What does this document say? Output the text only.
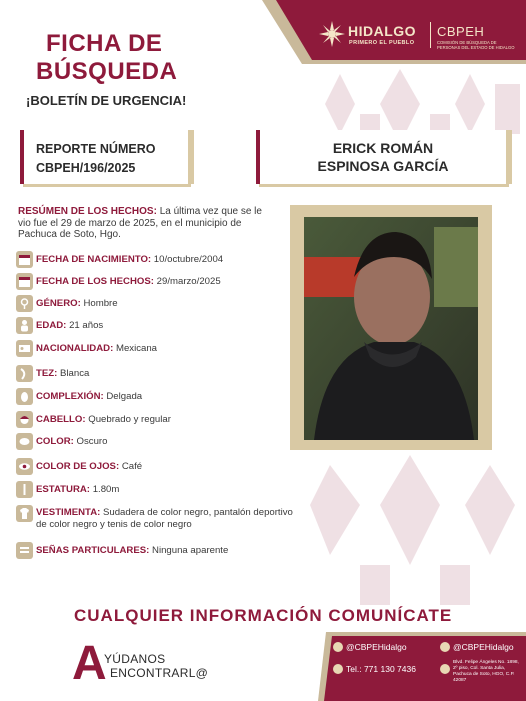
HIDALGO
PRIMERO EL PUEBLO
CBPEH
COMISIÓN DE BÚSQUEDA DE PERSONAS DEL ESTADO DE HIDALGO
FICHA DE
BÚSQUEDA
¡BOLETÍN DE URGENCIA!
REPORTE NÚMERO
CBPEH/196/2025
ERICK ROMÁN
ESPINOSA GARCÍA
RESÚMEN DE LOS HECHOS: La última vez que se le vio fue el 29 de marzo de 2025, en el municipio de Pachuca de Soto, Hgo.
FECHA DE NACIMIENTO: 10/octubre/2004
FECHA DE LOS HECHOS: 29/marzo/2025
GÉNERO: Hombre
EDAD: 21 años
NACIONALIDAD: Mexicana
TEZ: Blanca
COMPLEXIÓN: Delgada
CABELLO: Quebrado y regular
COLOR: Oscuro
COLOR DE OJOS: Café
ESTATURA: 1.80m
VESTIMENTA: Sudadera de color negro, pantalón deportivo de color negro y tenis de color negro
SEÑAS PARTICULARES: Ninguna aparente
CUALQUIER INFORMACIÓN COMUNÍCATE
A
YÚDANOS
ENCONTRARL@
@CBPEHidalgo	@CBPEHidalgo
Tel.: 771 130 7436
Blvd. Felipe Ángeles No. 1898, 2º piso, Col. Santa Julia, Pachuca de Soto, HGO, C.P. 42087
